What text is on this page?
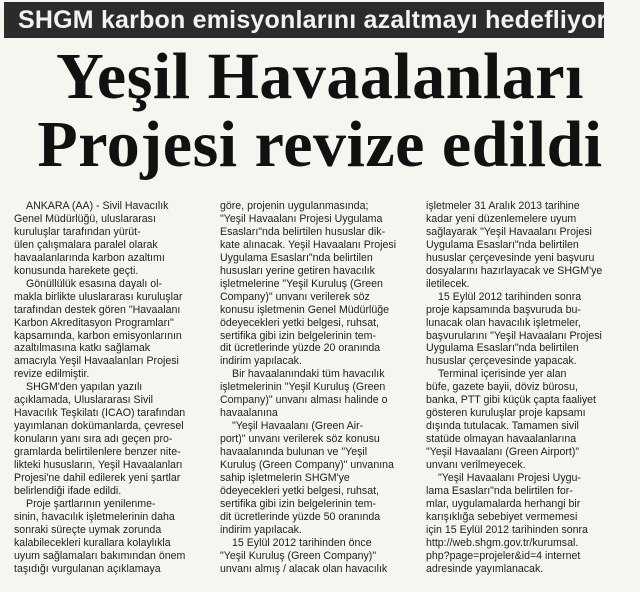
SHGM karbon emisyonlarını azaltmayı hedefliyor
Yeşil Havaalanları
Projesi revize edildi

ANKARA (AA) - Sivil Havacılık

Genel Müdürlüğü, uluslararası

kuruluşlar tarafından yürüt-

ülen çalışmalara paralel olarak

havaalanlarında karbon azaltımı

konusunda harekete geçti.

Gönüllülük esasına dayalı ol-

makla birlikte uluslararası kuruluşlar

tarafından destek gören "Havaalanı

Karbon Akreditasyon Programları"

kapsamında, karbon emisyonlarının

azaltılmasına katkı sağlamak

amacıyla Yeşil Havaalanları Projesi

revize edilmiştir.

SHGM'den yapılan yazılı

açıklamada, Uluslararası Sivil

Havacılık Teşkilatı (ICAO) tarafından

yayımlanan dokümanlarda, çevresel

konuların yanı sıra adı geçen pro-

gramlarda belirtilenlere benzer nite-

likteki hususların, Yeşil Havaalanları

Projesi'ne dahil edilerek yeni şartlar

belirlendiği ifade edildi.

Proje şartlarının yenilenme-

sinin, havacılık işletmelerinin daha

sonraki süreçte uymak zorunda

kalabilecekleri kurallara kolaylıkla

uyum sağlamaları bakımından önem

taşıdığı vurgulanan açıklamaya

göre, projenin uygulanmasında;

"Yeşil Havaalanı Projesi Uygulama

Esasları"nda belirtilen hususlar dik-

kate alınacak. Yeşil Havaalanı Projesi

Uygulama Esasları"nda belirtilen

hususları yerine getiren havacılık

işletmelerine "Yeşil Kuruluş (Green

Company)" unvanı verilerek söz

konusu işletmenin Genel Müdürlüğe

ödeyecekleri yetki belgesi, ruhsat,

sertifika gibi izin belgelerinin tem-

dit ücretlerinde yüzde 20 oranında

indirim yapılacak.

Bir havaalanındaki tüm havacılık

işletmelerinin "Yeşil Kuruluş (Green

Company)" unvanı alması halinde o

havaalanına

"Yeşil Havaalanı (Green Air-

port)" unvanı verilerek söz konusu

havaalanında bulunan ve "Yeşil

Kuruluş (Green Company)" unvanına

sahip işletmelerin SHGM'ye

ödeyecekleri yetki belgesi, ruhsat,

sertifika gibi izin belgelerinin tem-

dit ücretlerinde yüzde 50 oranında

indirim yapılacak.

15 Eylül 2012 tarihinden önce

"Yeşil Kuruluş (Green Company)"

unvanı almış / alacak olan havacılık

işletmeler 31 Aralık 2013 tarihine

kadar yeni düzenlemelere uyum

sağlayarak "Yeşil Havaalanı Projesi

Uygulama Esasları"nda belirtilen

hususlar çerçevesinde yeni başvuru

dosyalarını hazırlayacak ve SHGM'ye

iletilecek.

15 Eylül 2012 tarihinden sonra

proje kapsamında başvuruda bu-

lunacak olan havacılık işletmeler,

başvurularını "Yeşil Havaalanı Projesi

Uygulama Esasları"nda belirtilen

hususlar çerçevesinde yapacak.

Terminal içerisinde yer alan

büfe, gazete bayii, döviz bürosu,

banka, PTT gibi küçük çapta faaliyet

gösteren kuruluşlar proje kapsamı

dışında tutulacak. Tamamen sivil

statüde olmayan havaalanlarına

"Yeşil Havaalanı (Green Airport)"

unvanı verilmeyecek.

"Yeşil Havaalanı Projesi Uygu-

lama Esasları"nda belirtilen for-

mlar, uygulamalarda herhangi bir

karışıklığa sebebiyet vermemesi

için 15 Eylül 2012 tarihinden sonra

http://web.shgm.gov.tr/kurumsal.

php?page=projeler&id=4 internet

adresinde yayımlanacak.
